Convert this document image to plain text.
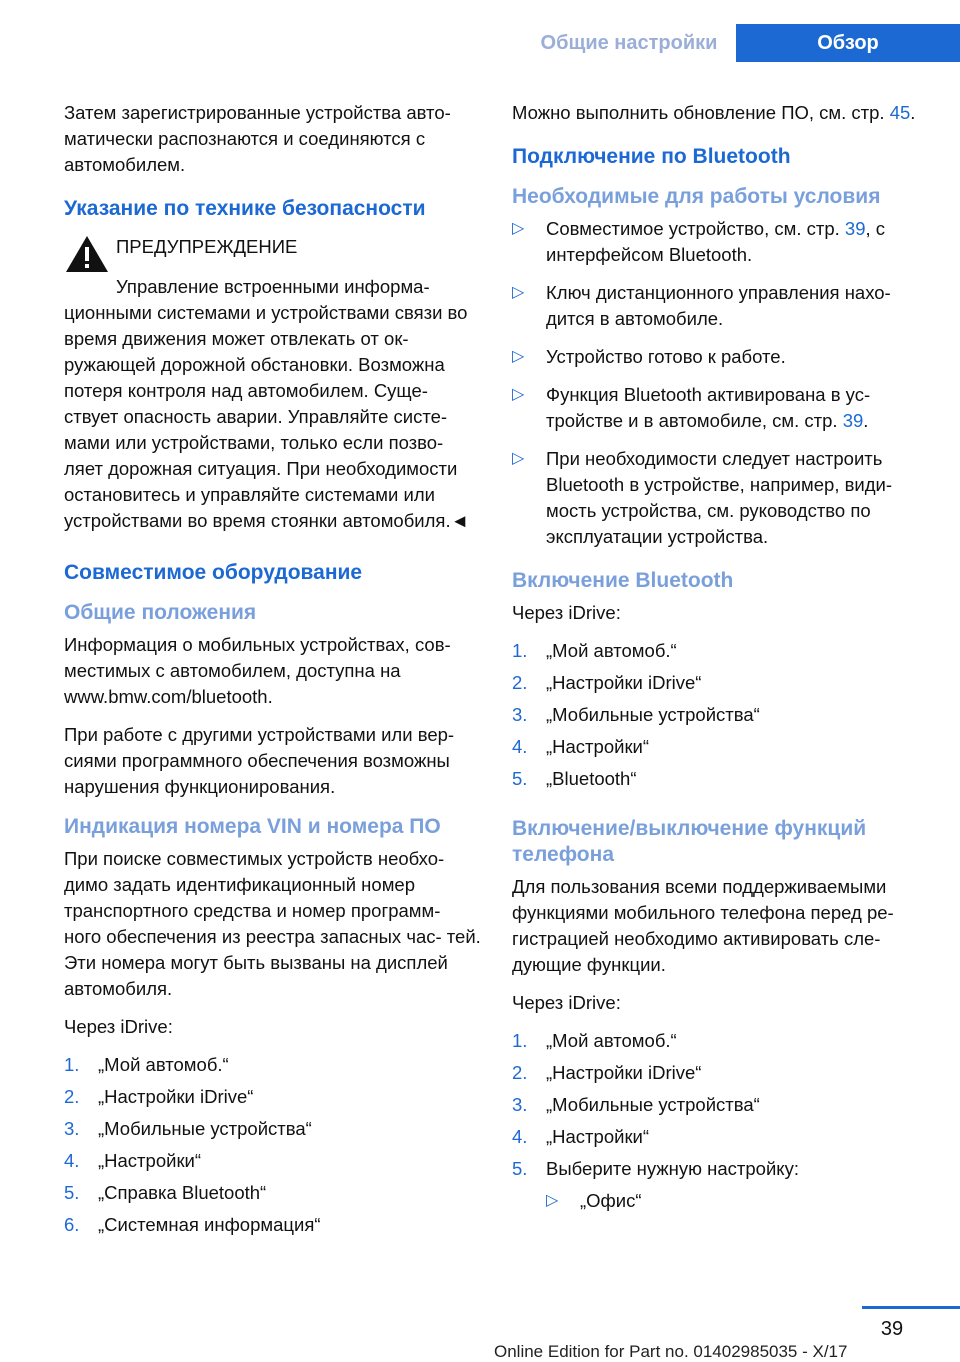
Общие настройки	Обзор

Затем зарегистрированные устройства авто- матически распознаются и соединяются с автомобилем.

Указание по технике безопасности
ПРЕДУПРЕЖДЕНИЕ

Управление встроенными информа- ционными системами и устройствами связи во время движения может отвлекать от ок- ружающей дорожной обстановки. Возможна потеря контроля над автомобилем. Суще- ствует опасность аварии. Управляйте систе- мами или устройствами, только если позво- ляет дорожная ситуация. При необходимости остановитесь и управляйте системами или устройствами во время стоянки автомобиля.◄

Совместимое оборудование
Общие положения

Информация о мобильных устройствах, сов- местимых с автомобилем, доступна на www.bmw.com/bluetooth.

При работе с другими устройствами или вер- сиями программного обеспечения возможны нарушения функционирования.

Индикация номера VIN и номера ПО

При поиске совместимых устройств необхо- димо задать идентификационный номер транспортного средства и номер программ- ного обеспечения из реестра запасных час- тей. Эти номера могут быть вызваны на дисплей автомобиля.

Через iDrive:

1.	„Мой автомоб.“
2.	„Настройки iDrive“
3.	„Мобильные устройства“
4.	„Настройки“
5.	„Справка Bluetooth“
6.	„Системная информация“

Можно выполнить обновление ПО, см. стр. 45.

Подключение по Bluetooth
Необходимые для работы условия
▷	Совместимое устройство, см. стр. 39, с интерфейсом Bluetooth.
▷	Ключ дистанционного управления нахо- дится в автомобиле.
▷	Устройство готово к работе.
▷	Функция Bluetooth активирована в ус- тройстве и в автомобиле, см. стр. 39.
▷	При необходимости следует настроить Bluetooth в устройстве, например, види- мость устройства, см. руководство по эксплуатации устройства.
Включение Bluetooth

Через iDrive:

1.	„Мой автомоб.“
2.	„Настройки iDrive“
3.	„Мобильные устройства“
4.	„Настройки“
5.	„Bluetooth“
Включение/выключение функций телефона

Для пользования всеми поддерживаемыми функциями мобильного телефона перед ре- гистрацией необходимо активировать сле- дующие функции.

Через iDrive:

1.	„Мой автомоб.“
2.	„Настройки iDrive“
3.	„Мобильные устройства“
4.	„Настройки“
5.	Выберите нужную настройку:
▷	„Офис“
39
Online Edition for Part no. 01402985035 - X/17
